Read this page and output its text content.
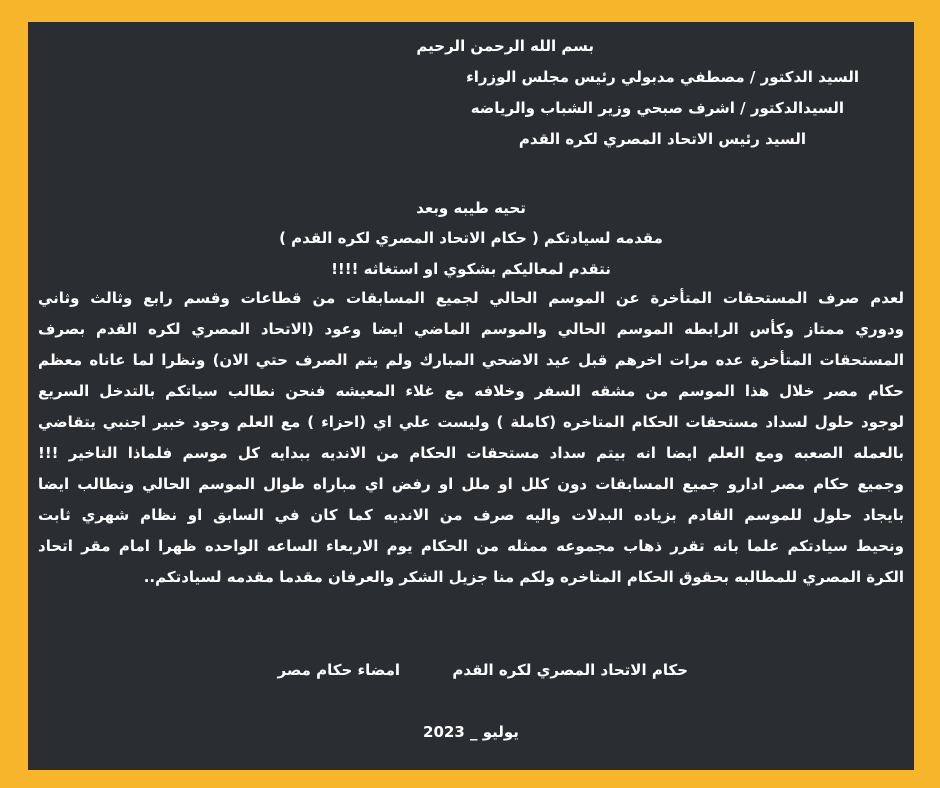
بسم الله الرحمن الرحيم

السيد الدكتور / مصطفي مدبولي رئيس مجلس الوزراء

السيدالدكتور / اشرف صبحي وزير الشباب والرياضه

السيد رئيس الاتحاد المصري لكره القدم

تحيه طيبه وبعد

مقدمه لسيادتكم ( حكام الاتحاد المصري لكره القدم )

نتقدم لمعاليكم بشكوي او استغاثه !!!!

لعدم صرف المستحقات المتأخرة عن الموسم الحالي لجميع المسابقات من قطاعات وقسم رابع وثالث وثاني

ودوري ممتاز وكأس الرابطه الموسم الحالي والموسم الماضي ايضا وعود (الاتحاد المصري لكره القدم بصرف

المستحقات المتأخرة عده مرات اخرهم قبل عيد الاضحي المبارك ولم يتم الصرف حتي الان) ونظرا لما عاناه معظم

حكام مصر خلال هذا الموسم من مشقه السفر وخلافه مع غلاء المعيشه فنحن نطالب سياتكم بالتدخل السريع

لوجود حلول لسداد مستحقات الحكام المتاخره (كاملة ) وليست علي اي (احزاء ) مع العلم وجود خبير اجنبي يتقاضي

بالعمله الصعبه ومع العلم ايضا انه بيتم سداد مستحقات الحكام من الانديه ببدايه كل موسم فلماذا التاخير !!!

وجميع حكام مصر ادارو جميع المسابقات دون كلل او ملل او رفض اي مباراه طوال الموسم الحالي ونطالب ايضا

بايجاد حلول للموسم القادم بزياده البدلات واليه صرف من الانديه كما كان في السابق او نظام شهري ثابت

ونحيط سيادتكم علما بانه تقرر ذهاب مجموعه ممثله من الحكام يوم الاربعاء الساعه الواحده ظهرا امام مقر اتحاد

الكرة المصري للمطالبه بحقوق الحكام المتاخره ولكم منا جزيل الشكر والعرفان مقدما مقدمه لسيادتكم..

حكام الاتحاد المصري لكره القدم

امضاء حكام مصر

يوليو _ 2023
